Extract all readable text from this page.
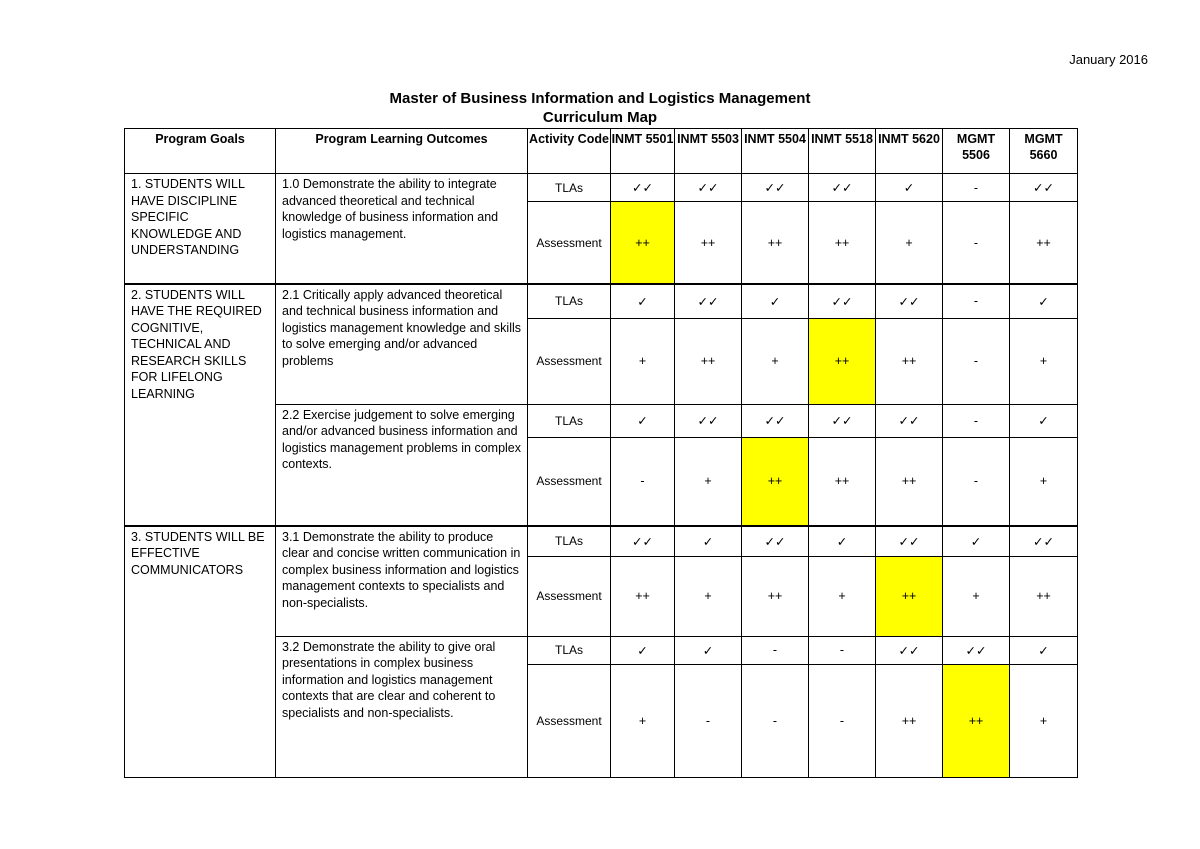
January 2016
Master of Business Information and Logistics Management
Curriculum Map
Program Goals	Program Learning Outcomes	Activity Code	INMT 5501	INMT 5503	INMT 5504	INMT 5518	INMT 5620	MGMT 5506	MGMT 5660
1. STUDENTS WILL HAVE DISCIPLINE SPECIFIC KNOWLEDGE AND UNDERSTANDING	1.0 Demonstrate the ability to integrate advanced theoretical and technical knowledge of business information and logistics management.	TLAs	✓✓	✓✓	✓✓	✓✓	✓	-	✓✓
		Assessment	++	++	++	++	+	-	++
2. STUDENTS WILL HAVE THE REQUIRED COGNITIVE, TECHNICAL AND RESEARCH SKILLS FOR LIFELONG LEARNING	2.1 Critically apply advanced theoretical and technical business information and logistics management knowledge and skills to solve emerging and/or advanced problems	TLAs	✓	✓✓	✓	✓✓	✓✓	-	✓
		Assessment	+	++	+	++	++	-	+
	2.2 Exercise judgement to solve emerging and/or advanced business information and logistics management problems in complex contexts.	TLAs	✓	✓✓	✓✓	✓✓	✓✓	-	✓
		Assessment	-	+	++	++	++	-	+
3. STUDENTS WILL BE EFFECTIVE COMMUNICATORS	3.1 Demonstrate the ability to produce clear and concise written communication in complex business information and logistics management contexts to specialists and non-specialists.	TLAs	✓✓	✓	✓✓	✓	✓✓	✓	✓✓
		Assessment	++	+	++	+	++	+	++
	3.2 Demonstrate the ability to give oral presentations in complex business information and logistics management contexts that are clear and coherent to specialists and non-specialists.	TLAs	✓	✓	-	-	✓✓	✓✓	✓
		Assessment	+	-	-	-	++	++	+
